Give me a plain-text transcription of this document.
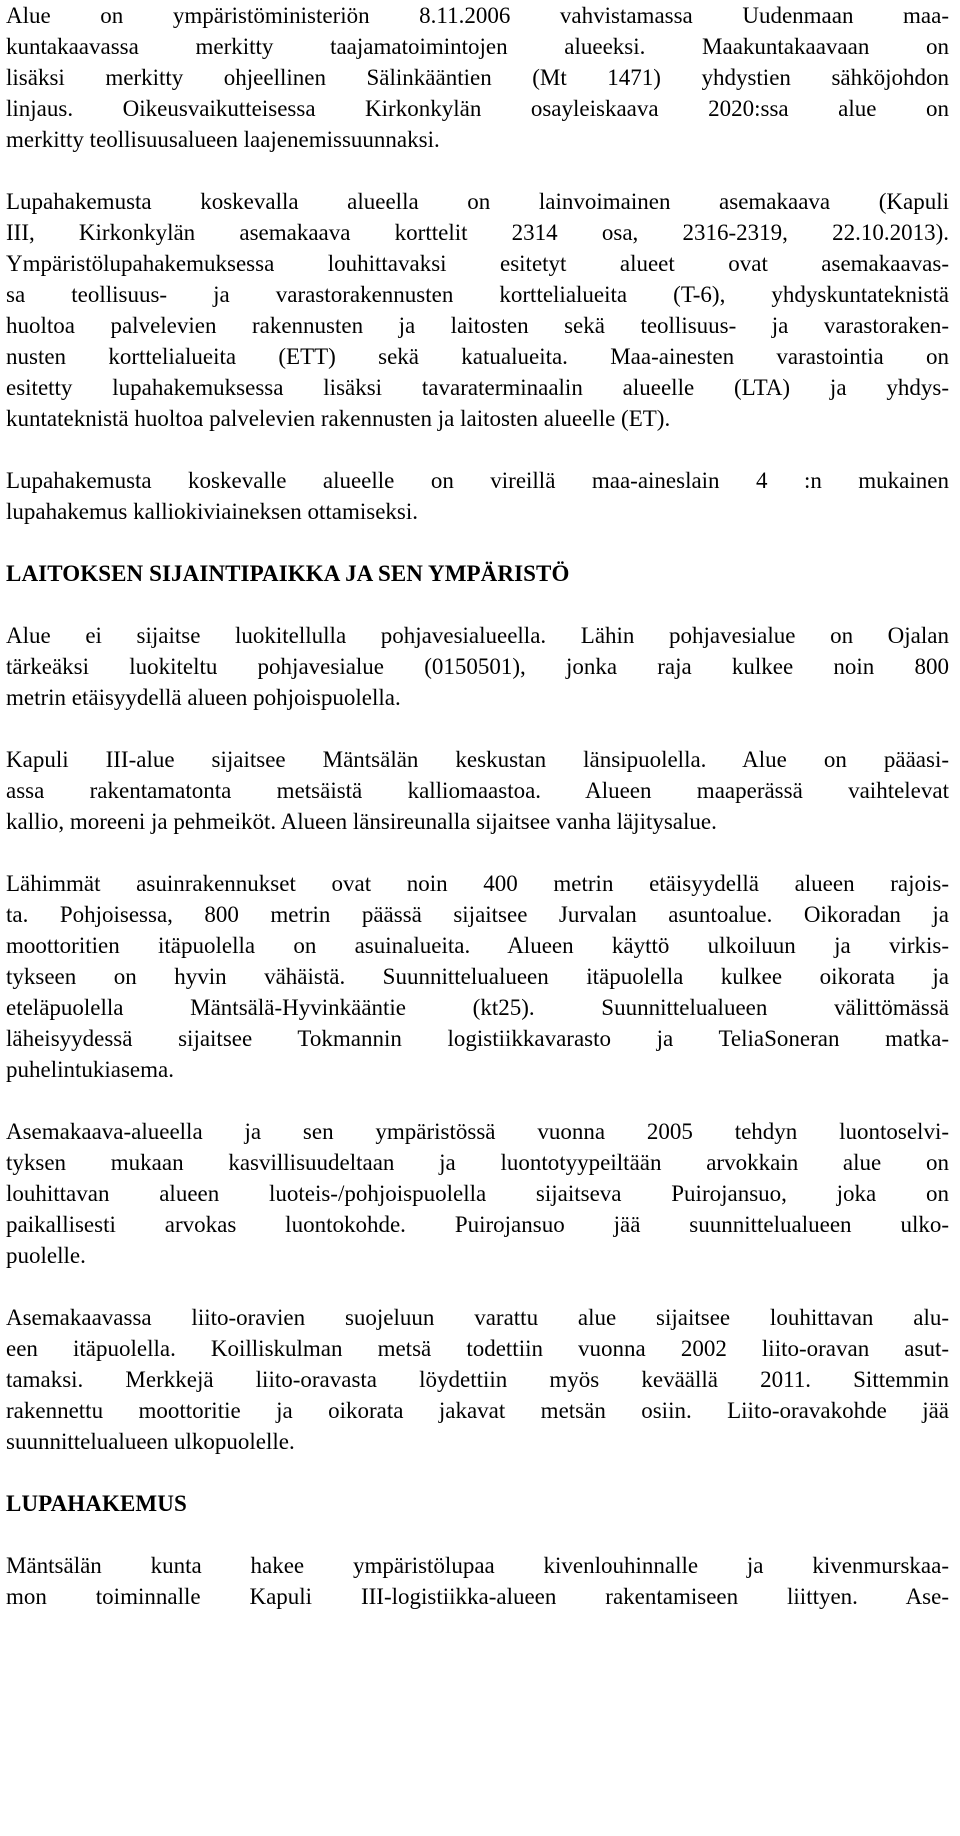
Alue on ympäristöministeriön 8.11.2006 vahvistamassa Uudenmaan maa-
kuntakaavassa merkitty taajamatoimintojen alueeksi. Maakuntakaavaan on
lisäksi merkitty ohjeellinen Sälinkääntien (Mt 1471) yhdystien sähköjohdon
linjaus. Oikeusvaikutteisessa Kirkonkylän osayleiskaava 2020:ssa alue on
merkitty teollisuusalueen laajenemissuunnaksi.
Lupahakemusta koskevalla alueella on lainvoimainen asemakaava (Kapuli
III, Kirkonkylän asemakaava korttelit 2314 osa, 2316-2319, 22.10.2013).
Ympäristölupahakemuksessa louhittavaksi esitetyt alueet ovat asemakaavas-
sa teollisuus- ja varastorakennusten korttelialueita (T-6), yhdyskuntateknistä
huoltoa palvelevien rakennusten ja laitosten sekä teollisuus- ja varastoraken-
nusten korttelialueita (ETT) sekä katualueita. Maa-ainesten varastointia on
esitetty lupahakemuksessa lisäksi tavaraterminaalin alueelle (LTA) ja yhdys-
kuntateknistä huoltoa palvelevien rakennusten ja laitosten alueelle (ET).
Lupahakemusta koskevalle alueelle on vireillä maa-aineslain 4 :n mukainen
lupahakemus kalliokiviaineksen ottamiseksi.
LAITOKSEN SIJAINTIPAIKKA JA SEN YMPÄRISTÖ
Alue ei sijaitse luokitellulla pohjavesialueella. Lähin pohjavesialue on Ojalan
tärkeäksi luokiteltu pohjavesialue (0150501), jonka raja kulkee noin 800
metrin etäisyydellä alueen pohjoispuolella.
Kapuli III-alue sijaitsee Mäntsälän keskustan länsipuolella. Alue on pääasi-
assa rakentamatonta metsäistä kalliomaastoa. Alueen maaperässä vaihtelevat
kallio, moreeni ja pehmeiköt. Alueen länsireunalla sijaitsee vanha läjitysalue.
Lähimmät asuinrakennukset ovat noin 400 metrin etäisyydellä alueen rajois-
ta. Pohjoisessa, 800 metrin päässä sijaitsee Jurvalan asuntoalue. Oikoradan ja
moottoritien itäpuolella on asuinalueita. Alueen käyttö ulkoiluun ja virkis-
tykseen on hyvin vähäistä. Suunnittelualueen itäpuolella kulkee oikorata ja
eteläpuolella Mäntsälä-Hyvinkääntie (kt25). Suunnittelualueen välittömässä
läheisyydessä sijaitsee Tokmannin logistiikkavarasto ja TeliaSoneran matka-
puhelintukiasema.
Asemakaava-alueella ja sen ympäristössä vuonna 2005 tehdyn luontoselvi-
tyksen mukaan kasvillisuudeltaan ja luontotyypeiltään arvokkain alue on
louhittavan alueen luoteis-/pohjoispuolella sijaitseva Puirojansuo, joka on
paikallisesti arvokas luontokohde. Puirojansuo jää suunnittelualueen ulko-
puolelle.
Asemakaavassa liito-oravien suojeluun varattu alue sijaitsee louhittavan alu-
een itäpuolella. Koilliskulman metsä todettiin vuonna 2002 liito-oravan asut-
tamaksi. Merkkejä liito-oravasta löydettiin myös keväällä 2011. Sittemmin
rakennettu moottoritie ja oikorata jakavat metsän osiin. Liito-oravakohde jää
suunnittelualueen ulkopuolelle.
LUPAHAKEMUS
Mäntsälän kunta hakee ympäristölupaa kivenlouhinnalle ja kivenmurskaa-
mon toiminnalle Kapuli III-logistiikka-alueen rakentamiseen liittyen. Ase-
